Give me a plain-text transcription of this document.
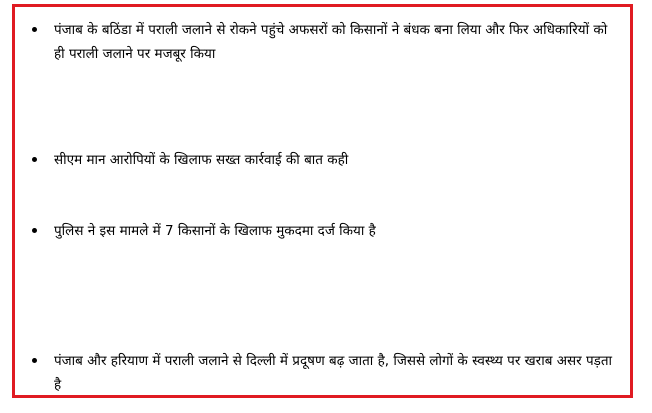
पंजाब के बठिंडा में पराली जलाने से रोकने पहुंचे अफसरों को किसानों ने बंधक बना लिया और फिर अधिकारियों को ही पराली जलाने पर मजबूर किया
सीएम मान आरोपियों के खिलाफ सख्त कार्रवाई की बात कही
पुलिस ने इस मामले में 7 किसानों के खिलाफ मुकदमा दर्ज किया है
पंजाब और हरियाण में पराली जलाने से दिल्ली में प्रदूषण बढ़ जाता है, जिससे लोगों के स्वस्थ्य पर खराब असर पड़ता है
